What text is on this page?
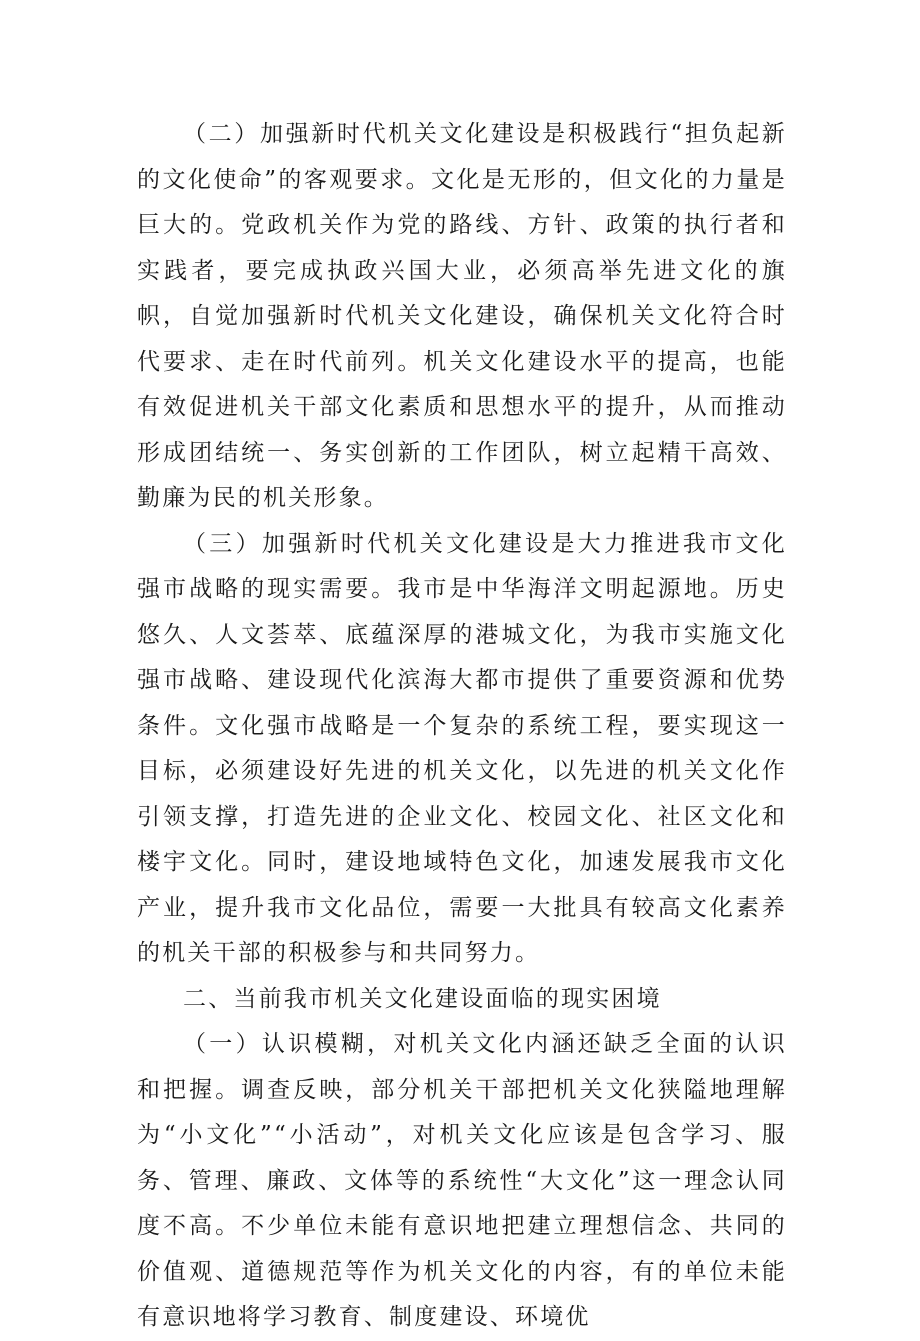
（二）加强新时代机关文化建设是积极践行“担负起新的文化使命”的客观要求。文化是无形的，但文化的力量是巨大的。党政机关作为党的路线、方针、政策的执行者和实践者，要完成执政兴国大业，必须高举先进文化的旗帜，自觉加强新时代机关文化建设，确保机关文化符合时代要求、走在时代前列。机关文化建设水平的提高，也能有效促进机关干部文化素质和思想水平的提升，从而推动形成团结统一、务实创新的工作团队，树立起精干高效、勤廉为民的机关形象。

（三）加强新时代机关文化建设是大力推进我市文化强市战略的现实需要。我市是中华海洋文明起源地。历史悠久、人文荟萃、底蕴深厚的港城文化，为我市实施文化强市战略、建设现代化滨海大都市提供了重要资源和优势条件。文化强市战略是一个复杂的系统工程，要实现这一目标，必须建设好先进的机关文化，以先进的机关文化作引领支撑，打造先进的企业文化、校园文化、社区文化和楼宇文化。同时，建设地域特色文化，加速发展我市文化产业，提升我市文化品位，需要一大批具有较高文化素养的机关干部的积极参与和共同努力。

二、当前我市机关文化建设面临的现实困境

（一）认识模糊，对机关文化内涵还缺乏全面的认识和把握。调查反映，部分机关干部把机关文化狭隘地理解为“小文化”“小活动”，对机关文化应该是包含学习、服务、管理、廉政、文体等的系统性“大文化”这一理念认同度不高。不少单位未能有意识地把建立理想信念、共同的价值观、道德规范等作为机关文化的内容，有的单位未能有意识地将学习教育、制度建设、环境优
